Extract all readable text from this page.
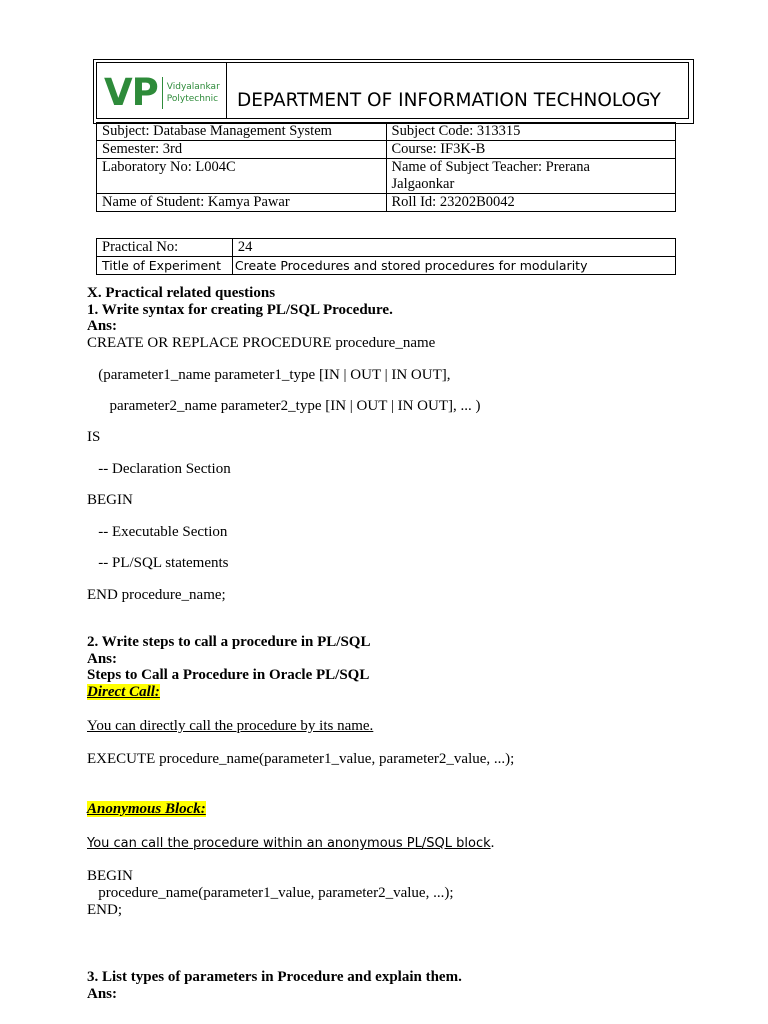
VP Vidyalankar
Polytechnic DEPARTMENT OF INFORMATION TECHNOLOGY
Subject: Database Management System	Subject Code: 313315
Semester: 3rd	Course: IF3K-B
Laboratory No: L004C	Name of Subject Teacher: Prerana
Jalgaonkar

Name of Student: Kamya Pawar	Roll Id: 23202B0042
Practical No:	24
Title of Experiment	Create Procedures and stored procedures for modularity
X. Practical related questions
1. Write syntax for creating PL/SQL Procedure.
Ans:
CREATE OR REPLACE PROCEDURE procedure_name
(parameter1_name parameter1_type [IN | OUT | IN OUT],
parameter2_name parameter2_type [IN | OUT | IN OUT], ... )
IS
-- Declaration Section
BEGIN
-- Executable Section
-- PL/SQL statements
END procedure_name;
2. Write steps to call a procedure in PL/SQL
Ans:
Steps to Call a Procedure in Oracle PL/SQL
Direct Call:
You can directly call the procedure by its name.
EXECUTE procedure_name(parameter1_value, parameter2_value, ...);
Anonymous Block:
You can call the procedure within an anonymous PL/SQL block.
BEGIN
procedure_name(parameter1_value, parameter2_value, ...);
END;
3. List types of parameters in Procedure and explain them.
Ans:
